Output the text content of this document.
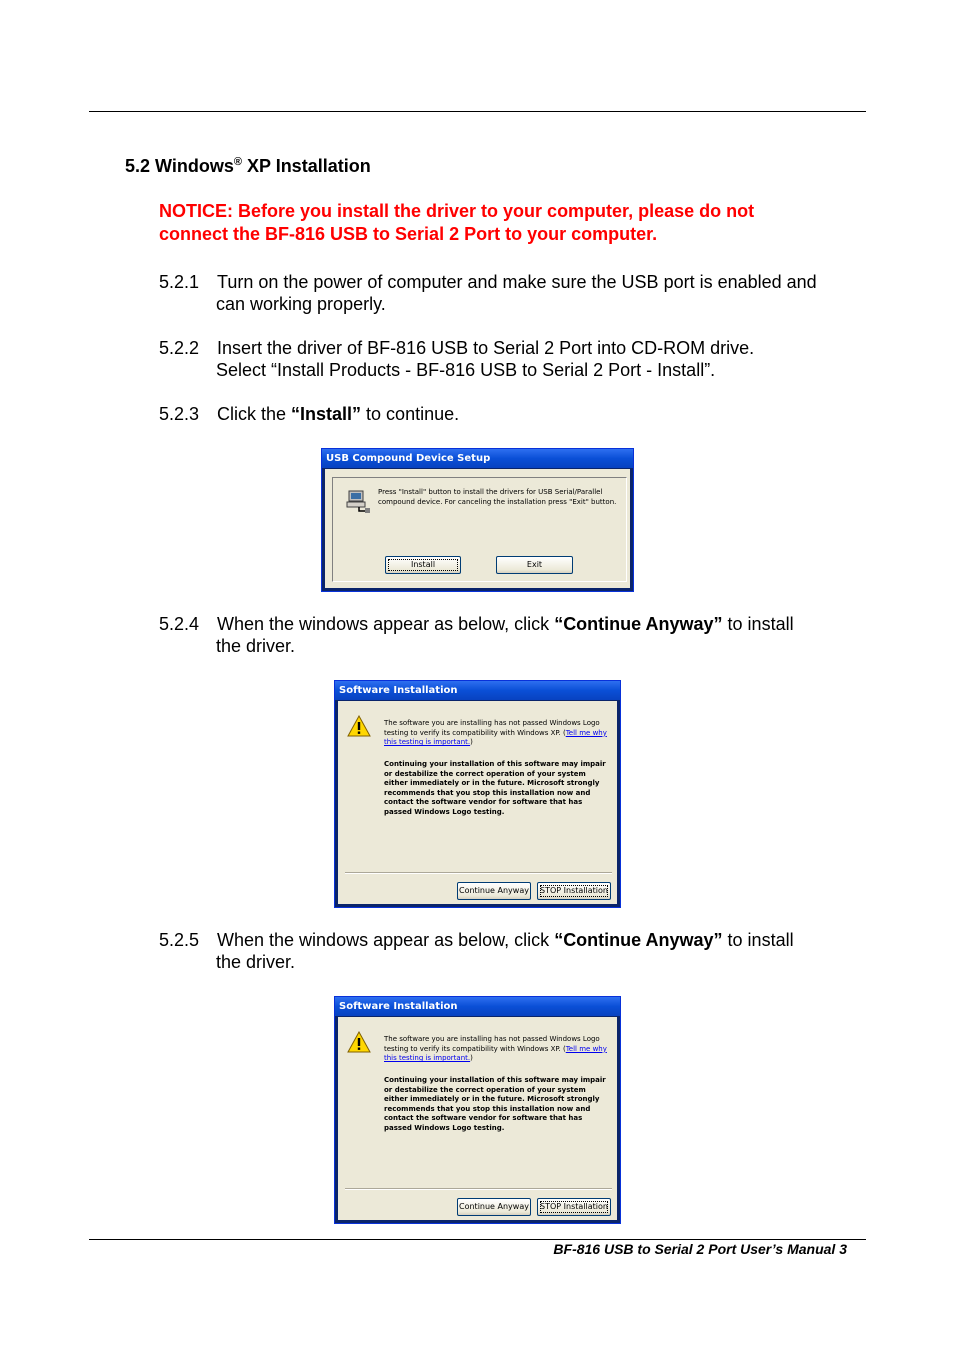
5.2 Windows® XP Installation
NOTICE: Before you install the driver to your computer, please do not
connect the BF-816 USB to Serial 2 Port to your computer.
5.2.1 Turn on the power of computer and make sure the USB port is enabled and
can working properly.
5.2.2 Insert the driver of BF-816 USB to Serial 2 Port into CD-ROM drive.
Select “Install Products - BF-816 USB to Serial 2 Port - Install”.
5.2.3 Click the “Install” to continue.
USB Compound Device Setup
Press "Install" button to install the drivers for USB Serial/Parallel
compound device. For canceling the installation press "Exit" button.
Install	Exit
5.2.4 When the windows appear as below, click “Continue Anyway” to install
the driver.
Software Installation
The software you are installing has not passed Windows Logo
testing to verify its compatibility with Windows XP. (Tell me why
this testing is important.)
Continuing your installation of this software may impair
or destabilize the correct operation of your system
either immediately or in the future. Microsoft strongly
recommends that you stop this installation now and
contact the software vendor for software that has
passed Windows Logo testing.
Continue Anyway	STOP Installation
5.2.5 When the windows appear as below, click “Continue Anyway” to install
the driver.
Software Installation
The software you are installing has not passed Windows Logo
testing to verify its compatibility with Windows XP. (Tell me why
this testing is important.)
Continuing your installation of this software may impair
or destabilize the correct operation of your system
either immediately or in the future. Microsoft strongly
recommends that you stop this installation now and
contact the software vendor for software that has
passed Windows Logo testing.
Continue Anyway	STOP Installation
BF-816 USB to Serial 2 Port User’s Manual 3
